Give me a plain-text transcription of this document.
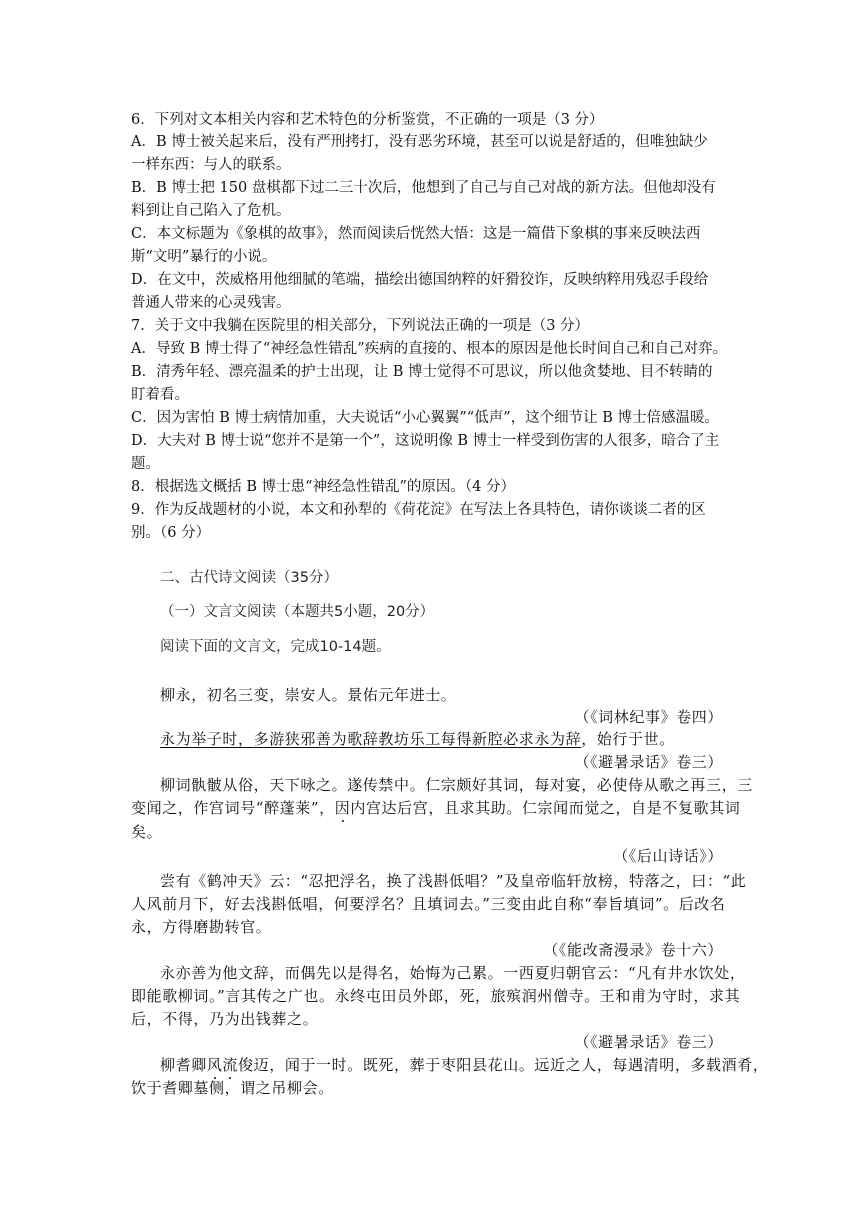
6．下列对文本相关内容和艺术特色的分析鉴赏，不正确的一项是（3 分）
A．B 博士被关起来后，没有严刑拷打，没有恶劣环境，甚至可以说是舒适的，但唯独缺少
一样东西：与人的联系。
B．B 博士把 150 盘棋都下过二三十次后，他想到了自己与自己对战的新方法。但他却没有
料到让自己陷入了危机。
C．本文标题为《象棋的故事》，然而阅读后恍然大悟：这是一篇借下象棋的事来反映法西
斯“文明”暴行的小说。
D．在文中，茨威格用他细腻的笔端，描绘出德国纳粹的奸猾狡诈，反映纳粹用残忍手段给
普通人带来的心灵残害。
7．关于文中我躺在医院里的相关部分，下列说法正确的一项是（3 分）
A．导致 B 博士得了“神经急性错乱”疾病的直接的、根本的原因是他长时间自己和自己对弈。
B．清秀年轻、漂亮温柔的护士出现，让 B 博士觉得不可思议，所以他贪婪地、目不转睛的
盯着看。
C．因为害怕 B 博士病情加重，大夫说话“小心翼翼”“低声”，这个细节让 B 博士倍感温暖。
D．大夫对 B 博士说“您并不是第一个”，这说明像 B 博士一样受到伤害的人很多，暗合了主
题。
8．根据选文概括 B 博士患“神经急性错乱”的原因。（4 分）
9．作为反战题材的小说，本文和孙犁的《荷花淀》在写法上各具特色，请你谈谈二者的区
别。（6 分）
二、古代诗文阅读（35分）
（一）文言文阅读（本题共5小题，20分）
阅读下面的文言文，完成10-14题。
柳永，初名三变，崇安人。景佑元年进士。
（《词林纪事》卷四）
永为举子时，多游狭邪善为歌辞教坊乐工每得新腔必求永为辞，始行于世。
（《避暑录话》卷三）
柳词骫骳从俗，天下咏之。遂传禁中。仁宗颇好其词，每对宴，必使侍从歌之再三，三
变闻之，作宫词号“醉蓬莱”，因内宫达后宫，且求其助。仁宗闻而觉之，自是不复歌其词
矣。
（《后山诗话》）
尝有《鹤冲天》云：“忍把浮名，换了浅斟低唱？”及皇帝临轩放榜，特落之，曰：“此
人风前月下，好去浅斟低唱，何要浮名？且填词去。”三变由此自称“奉旨填词”。后改名
永，方得磨勘转官。
（《能改斋漫录》卷十六）
永亦善为他文辞，而偶先以是得名，始悔为己累。一西夏归朝官云：“凡有井水饮处，
即能歌柳词。”言其传之广也。永终屯田员外郎，死，旅殡润州僧寺。王和甫为守时，求其
后，不得，乃为出钱葬之。
（《避暑录话》卷三）
柳耆卿风流俊迈，闻于一时。既死，葬于枣阳县花山。远近之人，每遇清明，多载酒肴，
饮于耆卿墓侧，谓之吊柳会。
